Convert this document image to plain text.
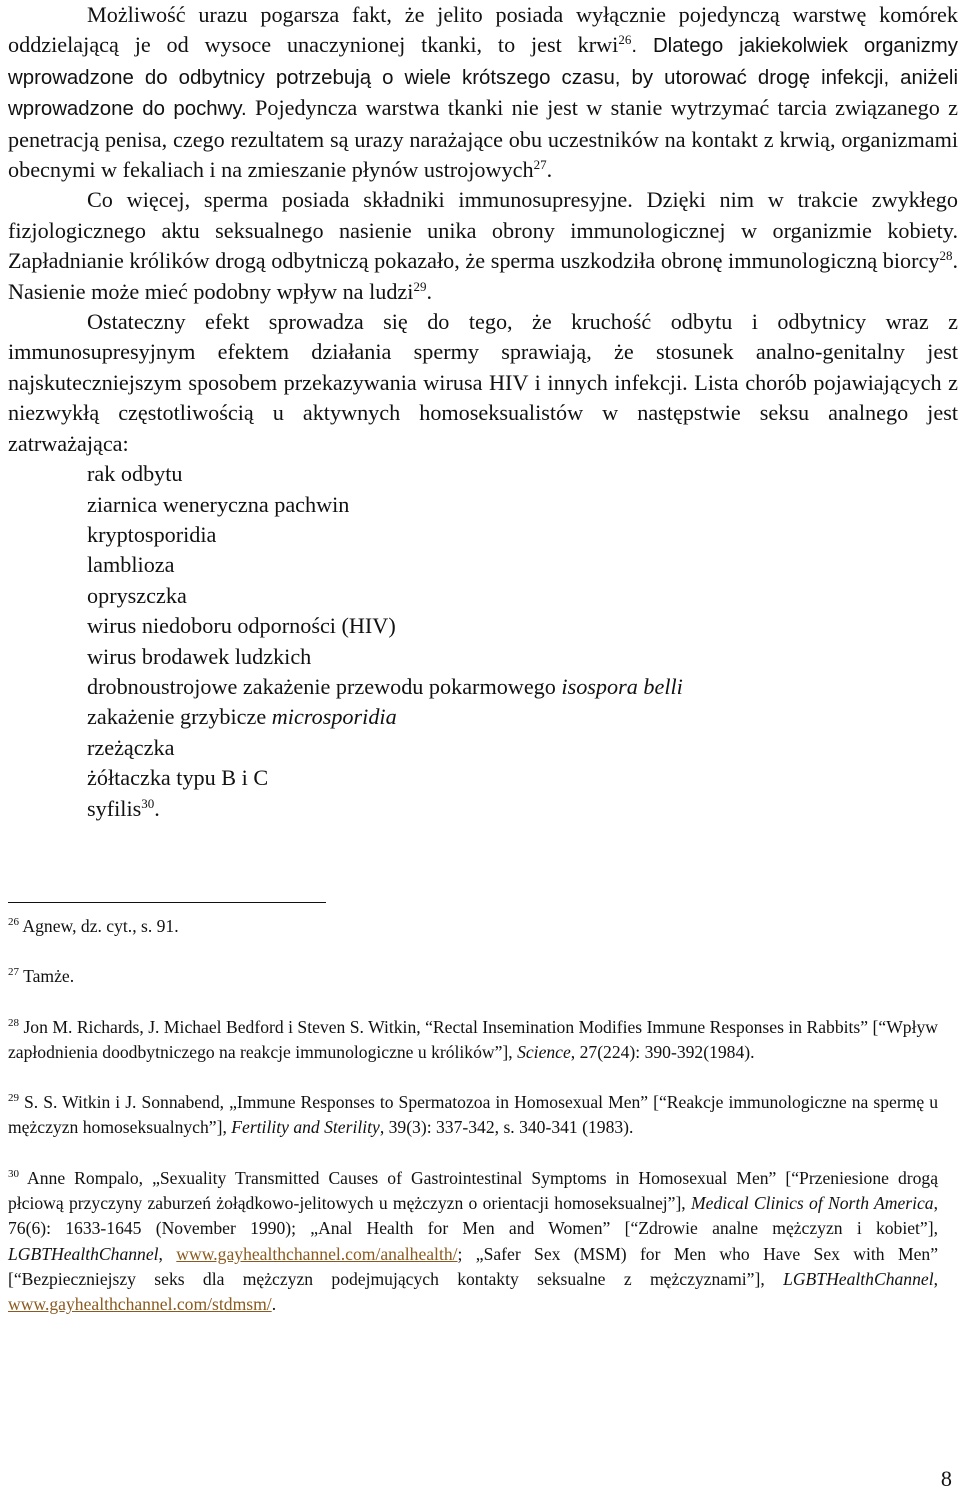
Możliwość urazu pogarsza fakt, że jelito posiada wyłącznie pojedynczą warstwę komórek oddzielającą je od wysoce unaczynionej tkanki, to jest krwi$^{26}$. Dlatego jakiekolwiek organizmy wprowadzone do odbytnicy potrzebują o wiele krótszego czasu, by utorować drogę infekcji, aniżeli wprowadzone do pochwy. Pojedyncza warstwa tkanki nie jest w stanie wytrzymać tarcia związanego z penetracją penisa, czego rezultatem są urazy narażające obu uczestników na kontakt z krwią, organizmami obecnymi w fekaliach i na zmieszanie płynów ustrojowych$^{27}$.

Co więcej, sperma posiada składniki immunosupresyjne. Dzięki nim w trakcie zwykłego fizjologicznego aktu seksualnego nasienie unika obrony immunologicznej w organizmie kobiety. Zapładnianie królików drogą odbytniczą pokazało, że sperma uszkodziła obronę immunologiczną biorcy$^{28}$. Nasienie może mieć podobny wpływ na ludzi$^{29}$.

Ostateczny efekt sprowadza się do tego, że kruchość odbytu i odbytnicy wraz z immunosupresyjnym efektem działania spermy sprawiają, że stosunek analno-genitalny jest najskuteczniejszym sposobem przekazywania wirusa HIV i innych infekcji. Lista chorób pojawiających z niezwykłą częstotliwością u aktywnych homoseksualistów w następstwie seksu analnego jest zatrważająca:

rak odbytu
ziarnica weneryczna pachwin
kryptosporidia
lamblioza
opryszczka
wirus niedoboru odporności (HIV)
wirus brodawek ludzkich
drobnoustrojowe zakażenie przewodu pokarmowego isospora belli
zakażenie grzybicze microsporidia
rzeżączka
żółtaczka typu B i C
syfilis$^{30}$.

$^{26}$ Agnew, dz. cyt., s. 91.

$^{27}$ Tamże.

$^{28}$ Jon M. Richards, J. Michael Bedford i Steven S. Witkin, “Rectal Insemination Modifies Immune Responses in Rabbits” [“Wpływ zapłodnienia doodbytniczego na reakcje immunologiczne u królików”], Science, 27(224): 390-392(1984).

$^{29}$ S. S. Witkin i J. Sonnabend, „Immune Responses to Spermatozoa in Homosexual Men” [“Reakcje immunologiczne na spermę u mężczyzn homoseksualnych”], Fertility and Sterility, 39(3): 337-342, s. 340-341 (1983).

$^{30}$ Anne Rompalo, „Sexuality Transmitted Causes of Gastrointestinal Symptoms in Homosexual Men” [“Przeniesione drogą płciową przyczyny zaburzeń żołądkowo-jelitowych u mężczyzn o orientacji homoseksualnej”], Medical Clinics of North America, 76(6): 1633-1645 (November 1990); „Anal Health for Men and Women” [“Zdrowie analne mężczyzn i kobiet”], LGBTHealthChannel, www.gayhealthchannel.com/analhealth/; „Safer Sex (MSM) for Men who Have Sex with Men” [“Bezpieczniejszy seks dla mężczyzn podejmujących kontakty seksualne z mężczyznami”], LGBTHealthChannel, www.gayhealthchannel.com/stdmsm/.

8
